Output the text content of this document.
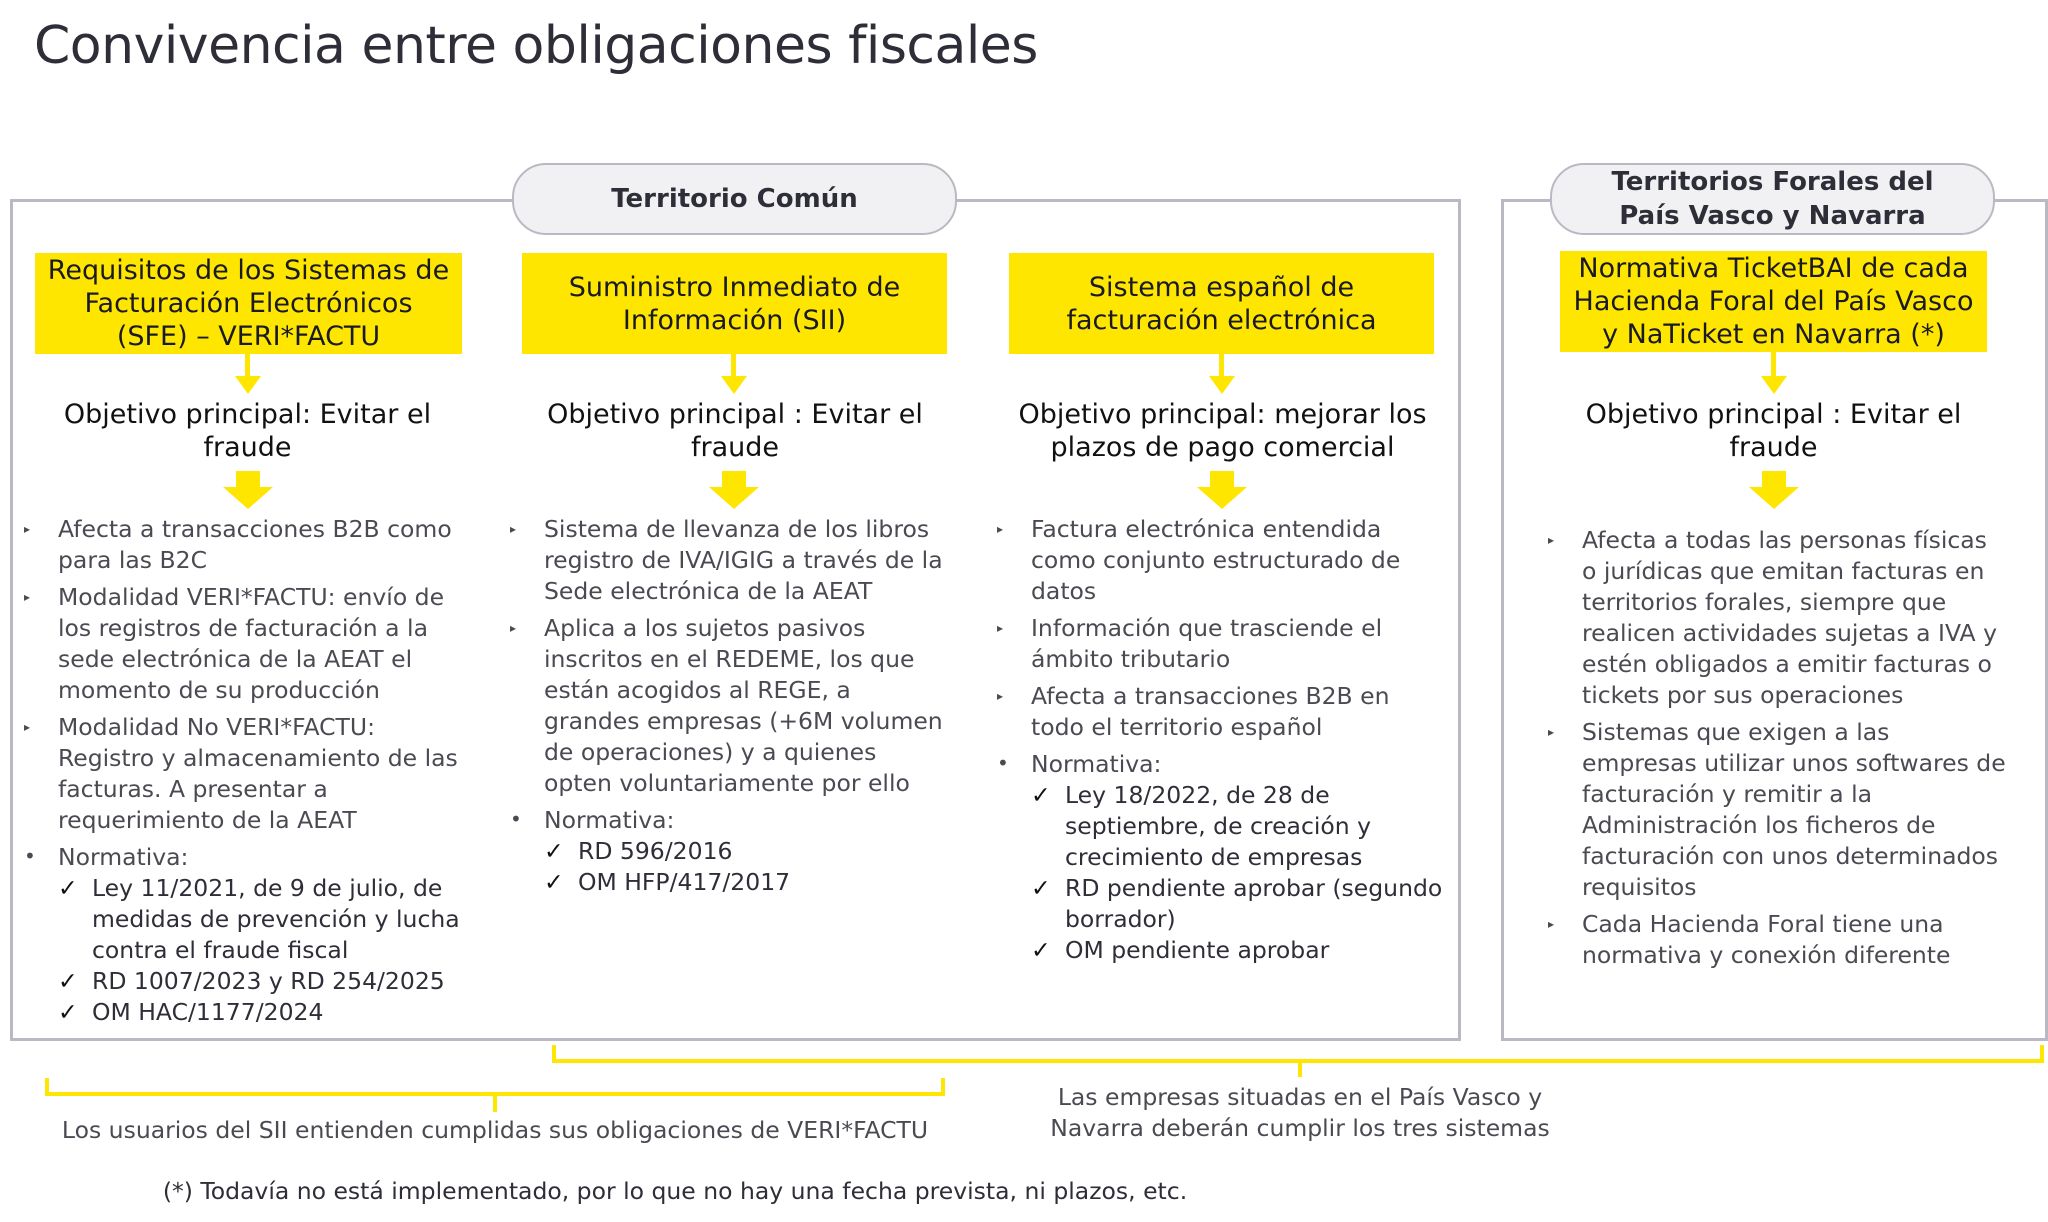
Convivencia entre obligaciones fiscales
Territorio Común
Territorios Forales del País Vasco y Navarra
Requisitos de los Sistemas de Facturación Electrónicos (SFE) – VERI*FACTU
Objetivo principal: Evitar el fraude
▸ Afecta a transacciones B2B como para las B2C
▸ Modalidad VERI*FACTU: envío de los registros de facturación a la sede electrónica de la AEAT el momento de su producción
▸ Modalidad No VERI*FACTU: Registro y almacenamiento de las facturas. A presentar a requerimiento de la AEAT
• Normativa:
✓ Ley 11/2021, de 9 de julio, de medidas de prevención y lucha contra el fraude fiscal
✓ RD 1007/2023 y RD 254/2025
✓ OM HAC/1177/2024
Suministro Inmediato de Información (SII)
Objetivo principal : Evitar el fraude
▸ Sistema de llevanza de los libros registro de IVA/IGIG a través de la Sede electrónica de la AEAT
▸ Aplica a los sujetos pasivos inscritos en el REDEME, los que están acogidos al REGE, a grandes empresas (+6M volumen de operaciones) y a quienes opten voluntariamente por ello
• Normativa:
✓ RD 596/2016
✓ OM HFP/417/2017
Sistema español de facturación electrónica
Objetivo principal: mejorar los plazos de pago comercial
▸ Factura electrónica entendida como conjunto estructurado de datos
▸ Información que trasciende el ámbito tributario
▸ Afecta a transacciones B2B en todo el territorio español
• Normativa:
✓ Ley 18/2022, de 28 de septiembre, de creación y crecimiento de empresas
✓ RD pendiente aprobar (segundo borrador)
✓ OM pendiente aprobar
Normativa TicketBAI de cada Hacienda Foral del País Vasco y NaTicket en Navarra (*)
Objetivo principal : Evitar el fraude
▸ Afecta a todas las personas físicas o jurídicas que emitan facturas en territorios forales, siempre que realicen actividades sujetas a IVA y estén obligados a emitir facturas o tickets por sus operaciones
▸ Sistemas que exigen a las empresas utilizar unos softwares de facturación y remitir a la Administración los ficheros de facturación con unos determinados requisitos
▸ Cada Hacienda Foral tiene una normativa y conexión diferente
Los usuarios del SII entienden cumplidas sus obligaciones de VERI*FACTU
Las empresas situadas en el País Vasco y
Navarra deberán cumplir los tres sistemas
(*) Todavía no está implementado, por lo que no hay una fecha prevista, ni plazos, etc.
